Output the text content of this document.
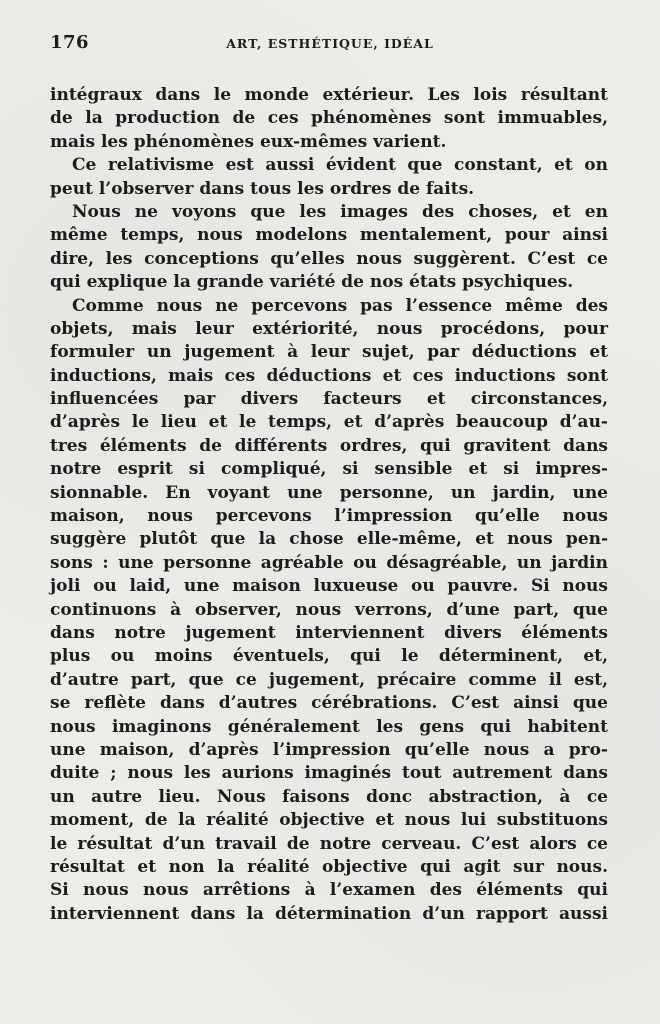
176	ART, ESTHÉTIQUE, IDÉAL
intégraux dans le monde extérieur. Les lois résultant
de la production de ces phénomènes sont immuables,
mais les phénomènes eux-mêmes varient.
Ce relativisme est aussi évident que constant, et on
peut l’observer dans tous les ordres de faits.
Nous ne voyons que les images des choses, et en
même temps, nous modelons mentalement, pour ainsi
dire, les conceptions qu’elles nous suggèrent. C’est ce
qui explique la grande variété de nos états psychiques.
Comme nous ne percevons pas l’essence même des
objets, mais leur extériorité, nous procédons, pour
formuler un jugement à leur sujet, par déductions et
inductions, mais ces déductions et ces inductions sont
influencées par divers facteurs et circonstances,
d’après le lieu et le temps, et d’après beaucoup d’au-
tres éléments de différents ordres, qui gravitent dans
notre esprit si compliqué, si sensible et si impres-
sionnable. En voyant une personne, un jardin, une
maison, nous percevons l’impression qu’elle nous
suggère plutôt que la chose elle-même, et nous pen-
sons : une personne agréable ou désagréable, un jardin
joli ou laid, une maison luxueuse ou pauvre. Si nous
continuons à observer, nous verrons, d’une part, que
dans notre jugement interviennent divers éléments
plus ou moins éventuels, qui le déterminent, et,
d’autre part, que ce jugement, précaire comme il est,
se reflète dans d’autres cérébrations. C’est ainsi que
nous imaginons généralement les gens qui habitent
une maison, d’après l’impression qu’elle nous a pro-
duite ; nous les aurions imaginés tout autrement dans
un autre lieu. Nous faisons donc abstraction, à ce
moment, de la réalité objective et nous lui substituons
le résultat d’un travail de notre cerveau. C’est alors ce
résultat et non la réalité objective qui agit sur nous.
Si nous nous arrêtions à l’examen des éléments qui
interviennent dans la détermination d’un rapport aussi
